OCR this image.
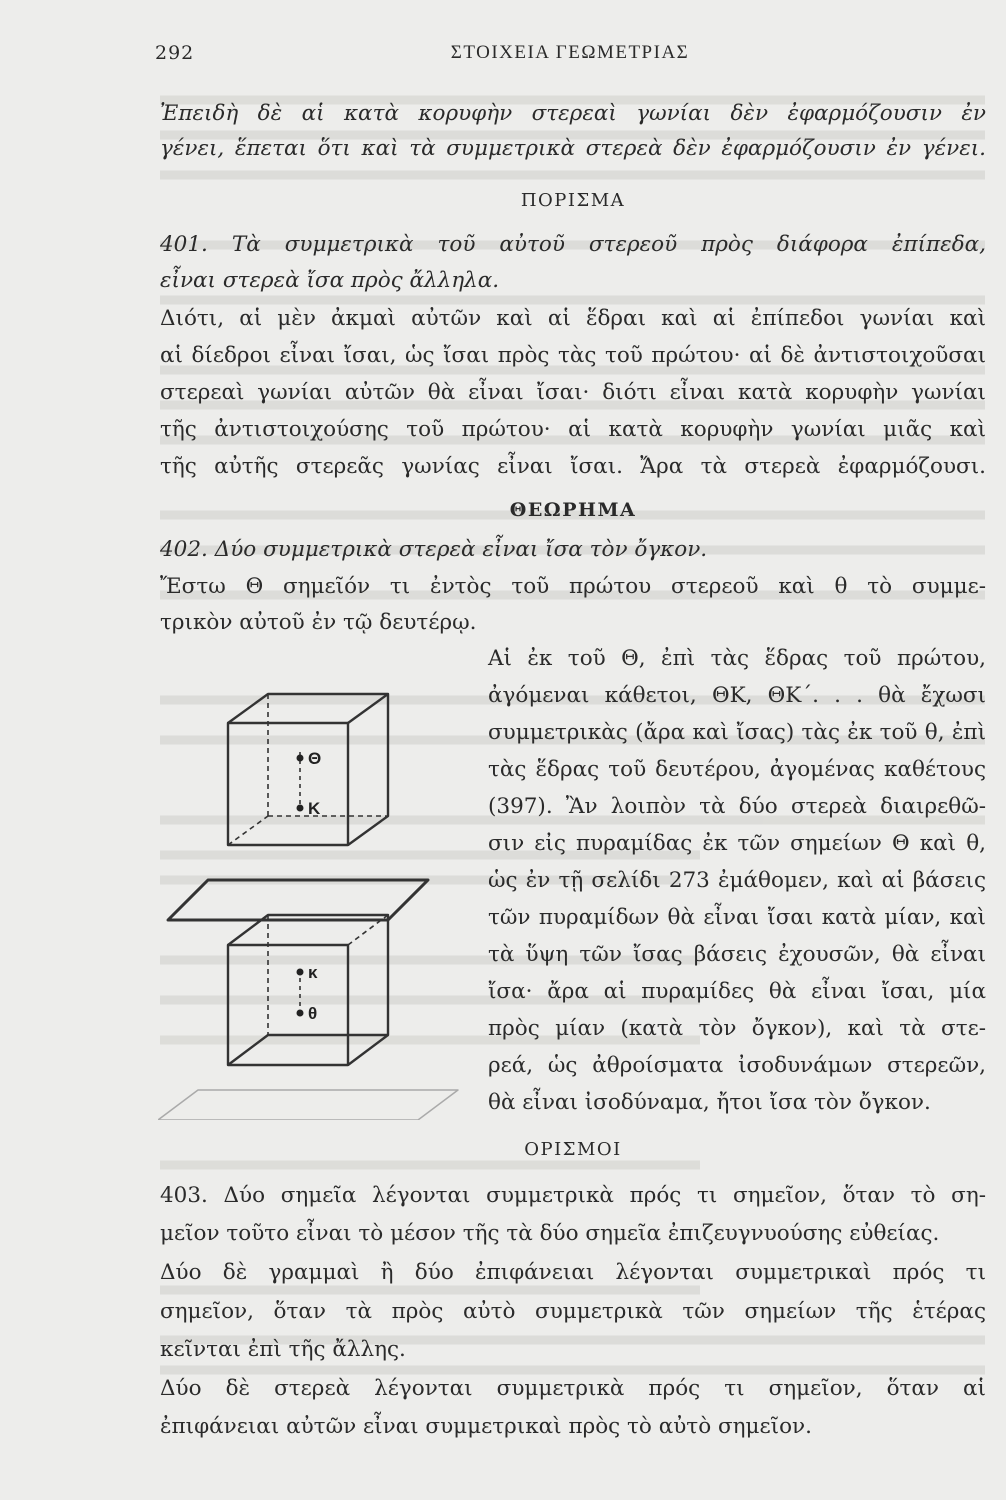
292	ΣΤΟΙΧΕΙΑ ΓΕΩΜΕΤΡΙΑΣ
Ἐπειδὴ δὲ αἱ κατὰ κορυφὴν στερεαὶ γωνίαι δὲν ἐφαρμόζουσιν ἐν
γένει, ἕπεται ὅτι καὶ τὰ συμμετρικὰ στερεὰ δὲν ἐφαρμόζουσιν ἐν γένει.
ΠΟΡΙΣΜΑ
401. Τὰ συμμετρικὰ τοῦ αὐτοῦ στερεοῦ πρὸς διάφορα ἐπίπεδα,
εἶναι στερεὰ ἴσα πρὸς ἄλληλα.
Διότι, αἱ μὲν ἀκμαὶ αὐτῶν καὶ αἱ ἕδραι καὶ αἱ ἐπίπεδοι γωνίαι καὶ
αἱ δίεδροι εἶναι ἴσαι, ὡς ἴσαι πρὸς τὰς τοῦ πρώτου· αἱ δὲ ἀντιστοιχοῦσαι
στερεαὶ γωνίαι αὐτῶν θὰ εἶναι ἴσαι· διότι εἶναι κατὰ κορυφὴν γωνίαι
τῆς ἀντιστοιχούσης τοῦ πρώτου· αἱ κατὰ κορυφὴν γωνίαι μιᾶς καὶ
τῆς αὐτῆς στερεᾶς γωνίας εἶναι ἴσαι. Ἄρα τὰ στερεὰ ἐφαρμόζουσι.
ΘΕΩΡΗΜΑ
402. Δύο συμμετρικὰ στερεὰ εἶναι ἴσα τὸν ὄγκον.
Ἔστω Θ σημεῖόν τι ἐντὸς τοῦ πρώτου στερεοῦ καὶ θ τὸ συμμε-
τρικὸν αὐτοῦ ἐν τῷ δευτέρῳ.
Αἱ ἐκ τοῦ Θ, ἐπὶ τὰς ἕδρας τοῦ πρώτου,
ἀγόμεναι κάθετοι, ΘΚ, ΘΚ΄. . . θὰ ἔχωσι
συμμετρικὰς (ἄρα καὶ ἴσας) τὰς ἐκ τοῦ θ, ἐπὶ
τὰς ἕδρας τοῦ δευτέρου, ἀγομένας καθέτους
(397). Ἂν λοιπὸν τὰ δύο στερεὰ διαιρεθῶ-
σιν εἰς πυραμίδας ἐκ τῶν σημείων Θ καὶ θ,
ὡς ἐν τῇ σελίδι 273 ἐμάθομεν, καὶ αἱ βάσεις
τῶν πυραμίδων θὰ εἶναι ἴσαι κατὰ μίαν, καὶ
τὰ ὕψη τῶν ἴσας βάσεις ἐχουσῶν, θὰ εἶναι
ἴσα· ἄρα αἱ πυραμίδες θὰ εἶναι ἴσαι, μία
πρὸς μίαν (κατὰ τὸν ὄγκον), καὶ τὰ στε-
ρεά, ὡς ἀθροίσματα ἰσοδυνάμων στερεῶν,
θὰ εἶναι ἰσοδύναμα, ἤτοι ἴσα τὸν ὄγκον.
Θ
K
κ
θ
ΟΡΙΣΜΟΙ
403. Δύο σημεῖα λέγονται συμμετρικὰ πρός τι σημεῖον, ὅταν τὸ ση-
μεῖον τοῦτο εἶναι τὸ μέσον τῆς τὰ δύο σημεῖα ἐπιζευγνυούσης εὐθείας.
Δύο δὲ γραμμαὶ ἢ δύο ἐπιφάνειαι λέγονται συμμετρικαὶ πρός τι
σημεῖον, ὅταν τὰ πρὸς αὐτὸ συμμετρικὰ τῶν σημείων τῆς ἑτέρας
κεῖνται ἐπὶ τῆς ἄλλης.
Δύο δὲ στερεὰ λέγονται συμμετρικὰ πρός τι σημεῖον, ὅταν αἱ
ἐπιφάνειαι αὐτῶν εἶναι συμμετρικαὶ πρὸς τὸ αὐτὸ σημεῖον.
